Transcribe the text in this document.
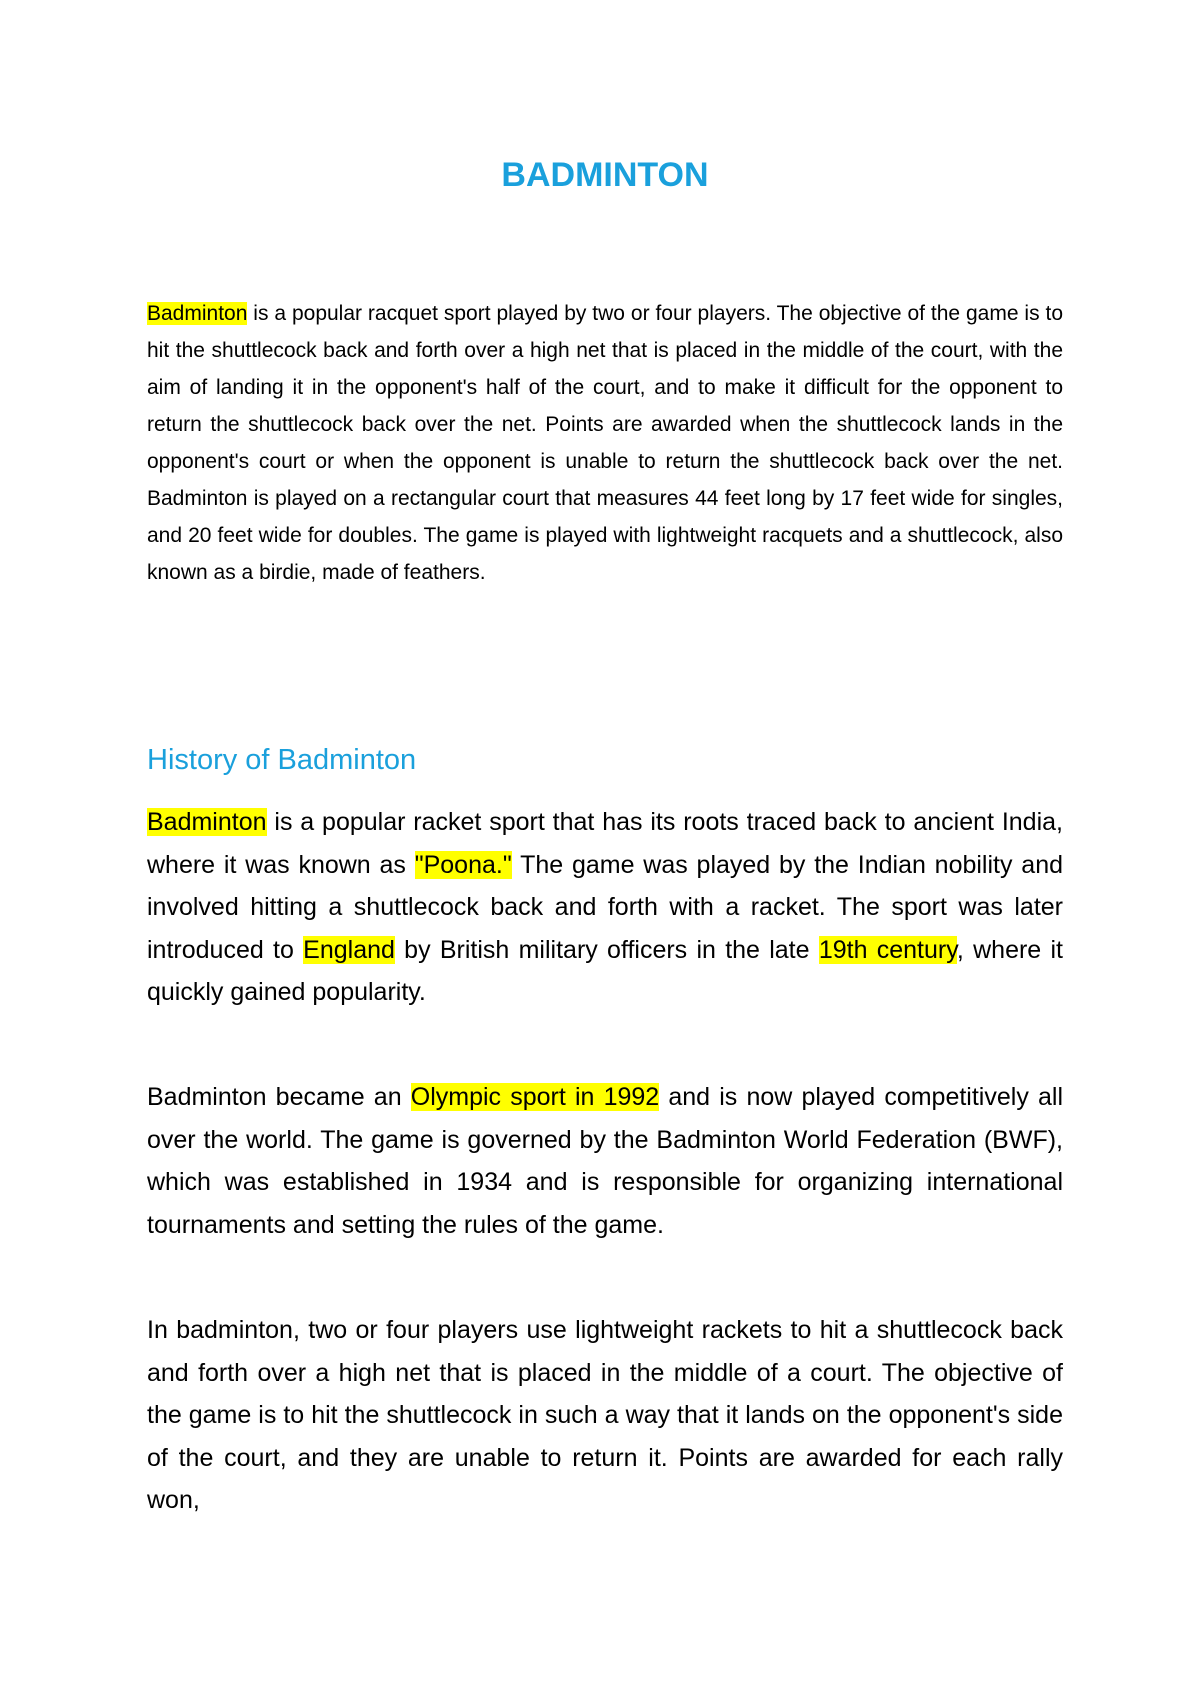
BADMINTON

Badminton is a popular racquet sport played by two or four players. The objective of the game is to hit the shuttlecock back and forth over a high net that is placed in the middle of the court, with the aim of landing it in the opponent's half of the court, and to make it difficult for the opponent to return the shuttlecock back over the net. Points are awarded when the shuttlecock lands in the opponent's court or when the opponent is unable to return the shuttlecock back over the net. Badminton is played on a rectangular court that measures 44 feet long by 17 feet wide for singles, and 20 feet wide for doubles. The game is played with lightweight racquets and a shuttlecock, also known as a birdie, made of feathers.

History of Badminton

Badminton is a popular racket sport that has its roots traced back to ancient India, where it was known as "Poona." The game was played by the Indian nobility and involved hitting a shuttlecock back and forth with a racket. The sport was later introduced to England by British military officers in the late 19th century, where it quickly gained popularity.

Badminton became an Olympic sport in 1992 and is now played competitively all over the world. The game is governed by the Badminton World Federation (BWF), which was established in 1934 and is responsible for organizing international tournaments and setting the rules of the game.

In badminton, two or four players use lightweight rackets to hit a shuttlecock back and forth over a high net that is placed in the middle of a court. The objective of the game is to hit the shuttlecock in such a way that it lands on the opponent's side of the court, and they are unable to return it. Points are awarded for each rally won,
